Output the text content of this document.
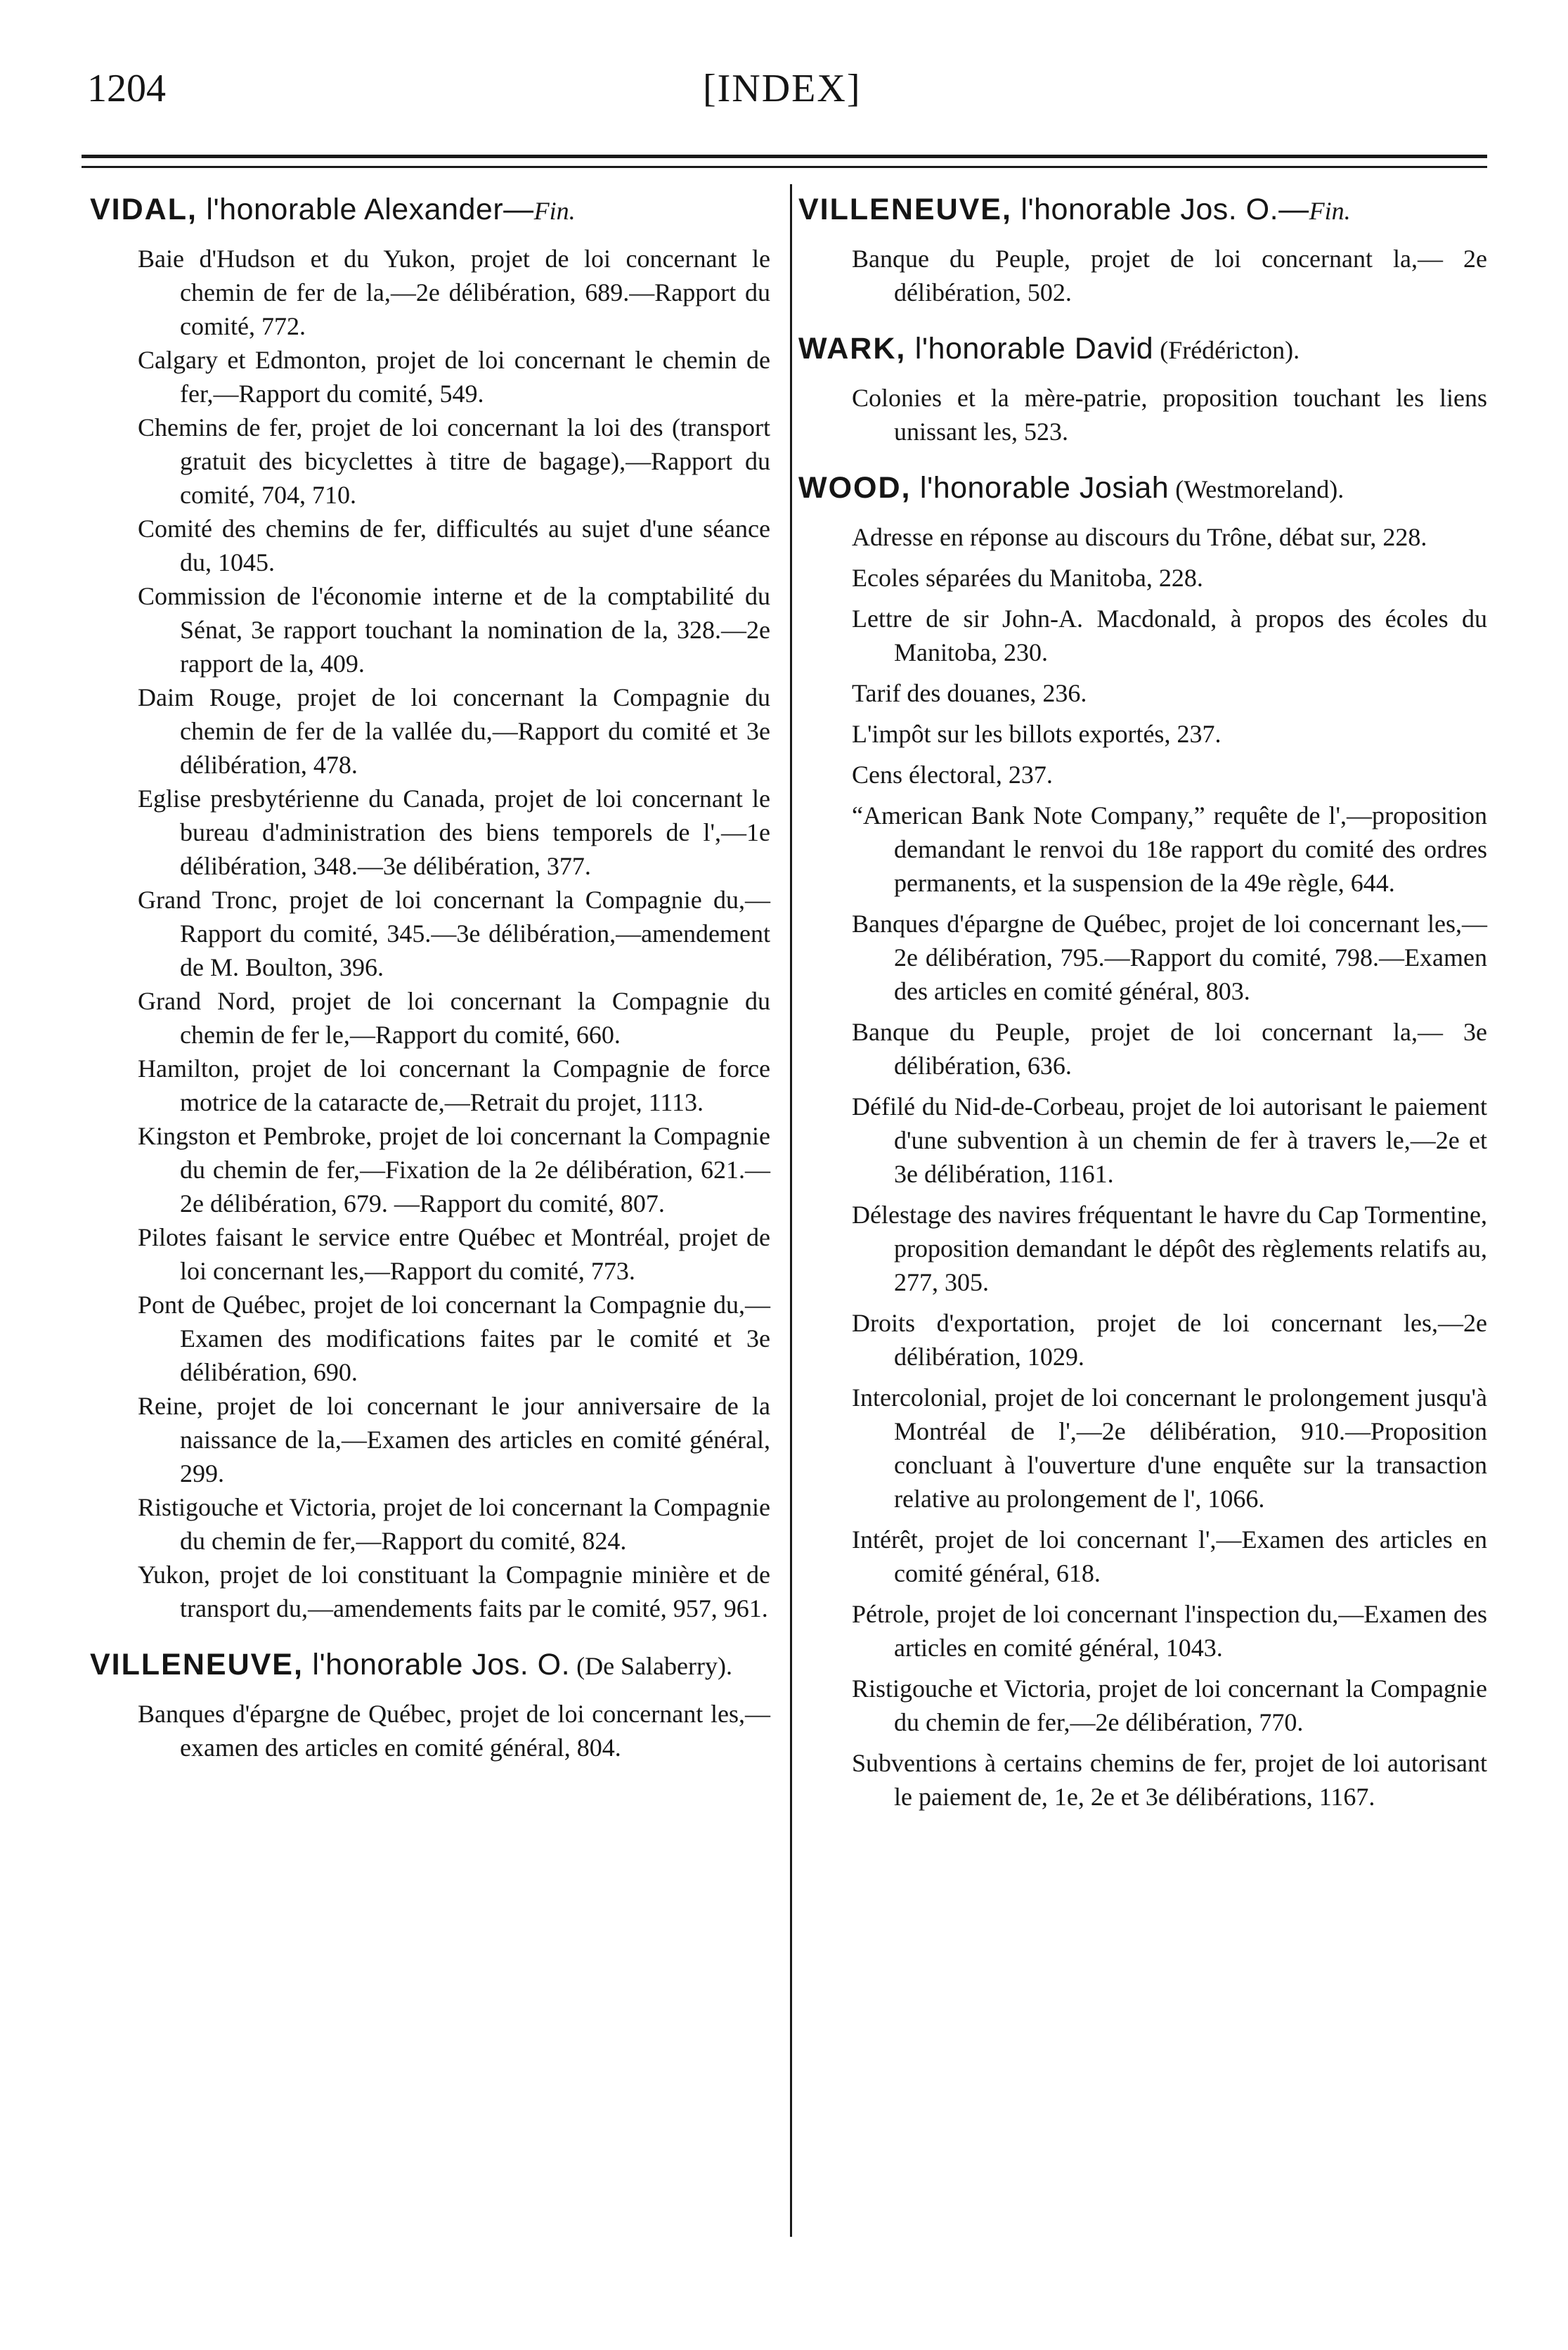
1204	[INDEX]
VIDAL, l'honorable Alexander—Fin.
Baie d'Hudson et du Yukon, projet de loi concernant le chemin de fer de la,—2e délibération, 689.—Rapport du comité, 772.
Calgary et Edmonton, projet de loi concernant le chemin de fer,—Rapport du comité, 549.
Chemins de fer, projet de loi concernant la loi des (transport gratuit des bicyclettes à titre de bagage),—Rapport du comité, 704, 710.
Comité des chemins de fer, difficultés au sujet d'une séance du, 1045.
Commission de l'économie interne et de la comptabilité du Sénat, 3e rapport touchant la nomination de la, 328.—2e rapport de la, 409.
Daim Rouge, projet de loi concernant la Compagnie du chemin de fer de la vallée du,—Rapport du comité et 3e délibération, 478.
Eglise presbytérienne du Canada, projet de loi concernant le bureau d'administration des biens temporels de l',—1e délibération, 348.—3e délibération, 377.
Grand Tronc, projet de loi concernant la Compagnie du,—Rapport du comité, 345.—3e délibération,—amendement de M. Boulton, 396.
Grand Nord, projet de loi concernant la Compagnie du chemin de fer le,—Rapport du comité, 660.
Hamilton, projet de loi concernant la Compagnie de force motrice de la cataracte de,—Retrait du projet, 1113.
Kingston et Pembroke, projet de loi concernant la Compagnie du chemin de fer,—Fixation de la 2e délibération, 621.—2e délibération, 679. —Rapport du comité, 807.
Pilotes faisant le service entre Québec et Montréal, projet de loi concernant les,—Rapport du comité, 773.
Pont de Québec, projet de loi concernant la Compagnie du,—Examen des modifications faites par le comité et 3e délibération, 690.
Reine, projet de loi concernant le jour anniversaire de la naissance de la,—Examen des articles en comité général, 299.
Ristigouche et Victoria, projet de loi concernant la Compagnie du chemin de fer,—Rapport du comité, 824.
Yukon, projet de loi constituant la Compagnie minière et de transport du,—amendements faits par le comité, 957, 961.
VILLENEUVE, l'honorable Jos. O. (De Salaberry).
Banques d'épargne de Québec, projet de loi concernant les,—examen des articles en comité général, 804.
VILLENEUVE, l'honorable Jos. O.—Fin.
Banque du Peuple, projet de loi concernant la,— 2e délibération, 502.
WARK, l'honorable David (Frédéricton).
Colonies et la mère-patrie, proposition touchant les liens unissant les, 523.
WOOD, l'honorable Josiah (Westmoreland).
Adresse en réponse au discours du Trône, débat sur, 228.
Ecoles séparées du Manitoba, 228.
Lettre de sir John-A. Macdonald, à propos des écoles du Manitoba, 230.
Tarif des douanes, 236.
L'impôt sur les billots exportés, 237.
Cens électoral, 237.
“American Bank Note Company,” requête de l',—proposition demandant le renvoi du 18e rapport du comité des ordres permanents, et la suspension de la 49e règle, 644.
Banques d'épargne de Québec, projet de loi concernant les,—2e délibération, 795.—Rapport du comité, 798.—Examen des articles en comité général, 803.
Banque du Peuple, projet de loi concernant la,— 3e délibération, 636.
Défilé du Nid-de-Corbeau, projet de loi autorisant le paiement d'une subvention à un chemin de fer à travers le,—2e et 3e délibération, 1161.
Délestage des navires fréquentant le havre du Cap Tormentine, proposition demandant le dépôt des règlements relatifs au, 277, 305.
Droits d'exportation, projet de loi concernant les,—2e délibération, 1029.
Intercolonial, projet de loi concernant le prolongement jusqu'à Montréal de l',—2e délibération, 910.—Proposition concluant à l'ouverture d'une enquête sur la transaction relative au prolongement de l', 1066.
Intérêt, projet de loi concernant l',—Examen des articles en comité général, 618.
Pétrole, projet de loi concernant l'inspection du,—Examen des articles en comité général, 1043.
Ristigouche et Victoria, projet de loi concernant la Compagnie du chemin de fer,—2e délibération, 770.
Subventions à certains chemins de fer, projet de loi autorisant le paiement de, 1e, 2e et 3e délibérations, 1167.
